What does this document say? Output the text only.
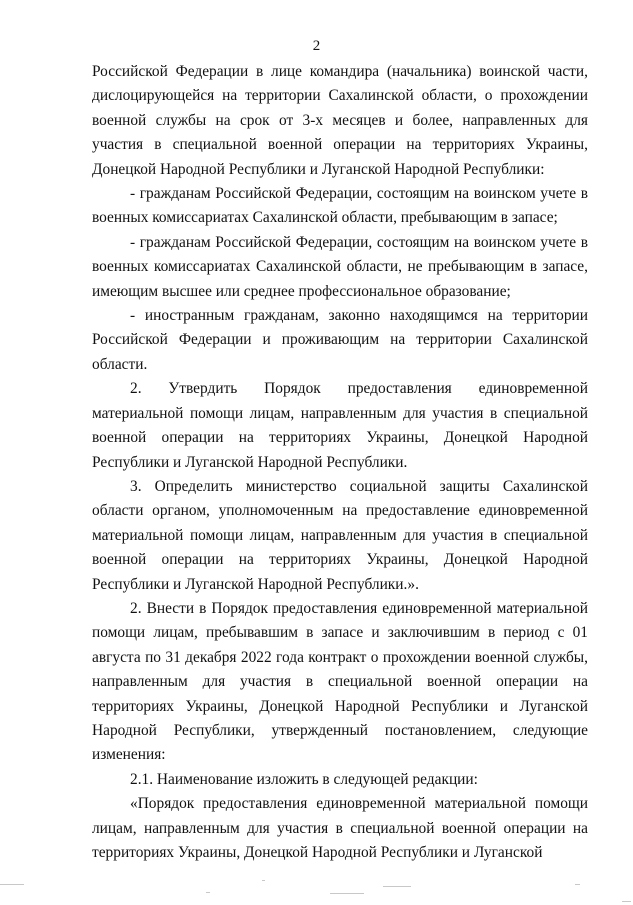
2

Российской Федерации в лице командира (начальника) воинской части, дислоцирующейся на территории Сахалинской области, о прохождении военной службы на срок от 3-х месяцев и более, направленных для участия в специальной военной операции на территориях Украины, Донецкой Народной Республики и Луганской Народной Республики:

- гражданам Российской Федерации, состоящим на воинском учете в военных комиссариатах Сахалинской области, пребывающим в запасе;

- гражданам Российской Федерации, состоящим на воинском учете в военных комиссариатах Сахалинской области, не пребывающим в запасе, имеющим высшее или среднее профессиональное образование;

- иностранным гражданам, законно находящимся на территории Российской Федерации и проживающим на территории Сахалинской области.

2. Утвердить Порядок предоставления единовременной материальной помощи лицам, направленным для участия в специальной военной операции на территориях Украины, Донецкой Народной Республики и Луганской Народной Республики.

3. Определить министерство социальной защиты Сахалинской области органом, уполномоченным на предоставление единовременной материальной помощи лицам, направленным для участия в специальной военной операции на территориях Украины, Донецкой Народной Республики и Луганской Народной Республики.».

2. Внести в Порядок предоставления единовременной материальной помощи лицам, пребывавшим в запасе и заключившим в период с 01 августа по 31 декабря 2022 года контракт о прохождении военной службы, направленным для участия в специальной военной операции на территориях Украины, Донецкой Народной Республики и Луганской Народной Республики, утвержденный постановлением, следующие изменения:

2.1. Наименование изложить в следующей редакции:

«Порядок предоставления единовременной материальной помощи лицам, направленным для участия в специальной военной операции на территориях Украины, Донецкой Народной Республики и Луганской
